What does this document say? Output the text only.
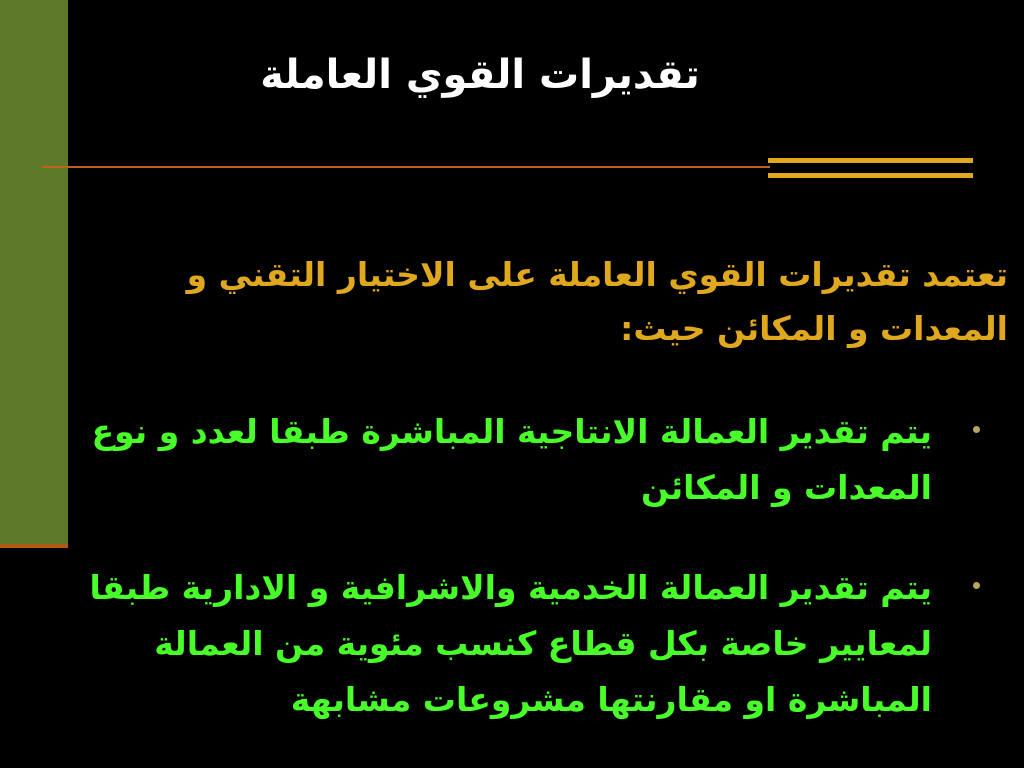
تقديرات القوي العاملة
تعتمد تقديرات القوي العاملة على الاختيار التقني و المعدات و المكائن حيث:
يتم تقدير العمالة الانتاجية المباشرة طبقا لعدد و نوع المعدات و المكائن
يتم تقدير العمالة الخدمية والاشرافية و الادارية طبقا لمعايير خاصة بكل قطاع كنسب مئوية من العمالة المباشرة او مقارنتها مشروعات مشابهة
